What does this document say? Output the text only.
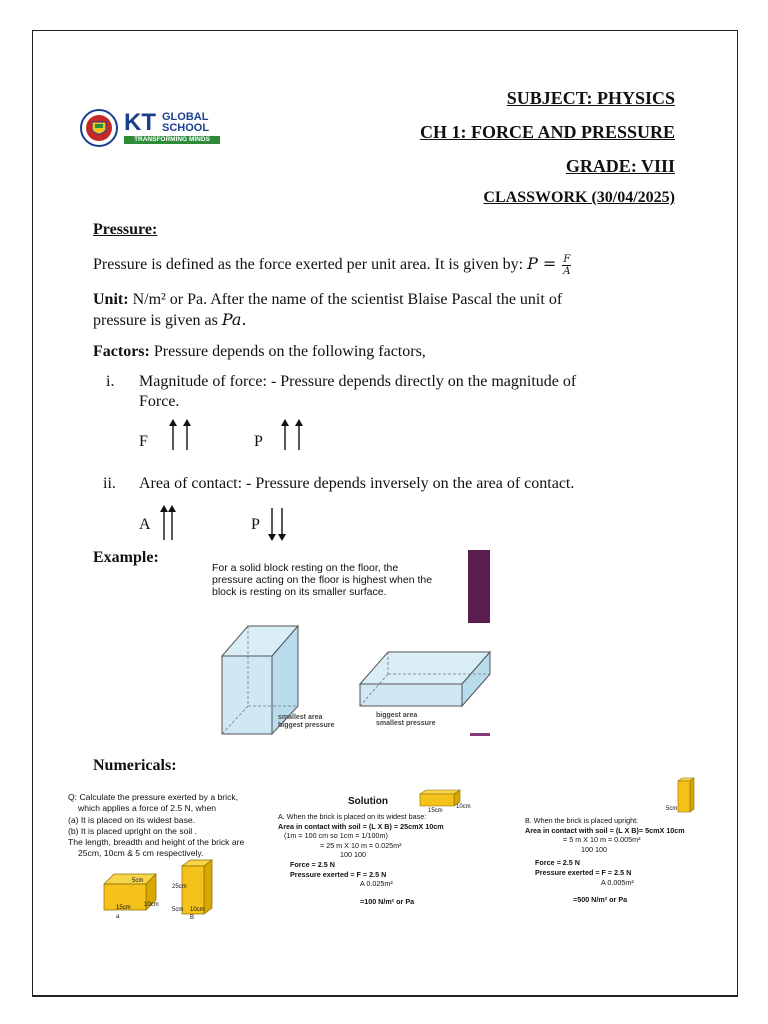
KT GLOBAL
SCHOOL
TRANSFORMING MINDS
SUBJECT: PHYSICS
CH 1: FORCE AND PRESSURE
GRADE: VIII
CLASSWORK (30/04/2025)
Pressure:
Pressure is defined as the force exerted per unit area. It is given by: $P = \frac{F}{A}$
Unit: N/m² or Pa. After the name of the scientist Blaise Pascal the unit of
pressure is given as Pa.
Factors: Pressure depends on the following factors,
i. Magnitude of force: - Pressure depends directly on the magnitude of
Force.
F	P
ii. Area of contact: - Pressure depends inversely on the area of contact.
A	P
Example:
For a solid block resting on the floor, the
pressure acting on the floor is highest when the
block is resting on its smaller surface.
smallest area
biggest pressure
biggest area
smallest pressure
Numericals:
Q: Calculate the pressure exerted by a brick,
which applies a force of 2.5 N, when
(a) It is placed on its widest base.
(b) It is placed upright on the soil .
The length, breadth and height of the brick are
25cm, 10cm & 5 cm respectively.
5cm
10cm
15cm
a
25cm
5cm 10cm
B
Solution
15cm
10cm
A. When the brick is placed on its widest base:
Area in contact with soil = (L X B) = 25cmX 10cm
(1m = 100 cm so 1cm = 1/100m)
= 25 m X 10 m = 0.025m²
100 100
Force = 2.5 N
Pressure exerted = F = 2.5 N
A 0.025m²
=100 N/m² or Pa
5cm
B. When the brick is placed upright:
Area in contact with soil = (L X B)= 5cmX 10cm
= 5 m X 10 m = 0.005m²
100 100
Force = 2.5 N
Pressure exerted = F = 2.5 N
A 0.005m²
=500 N/m² or Pa
